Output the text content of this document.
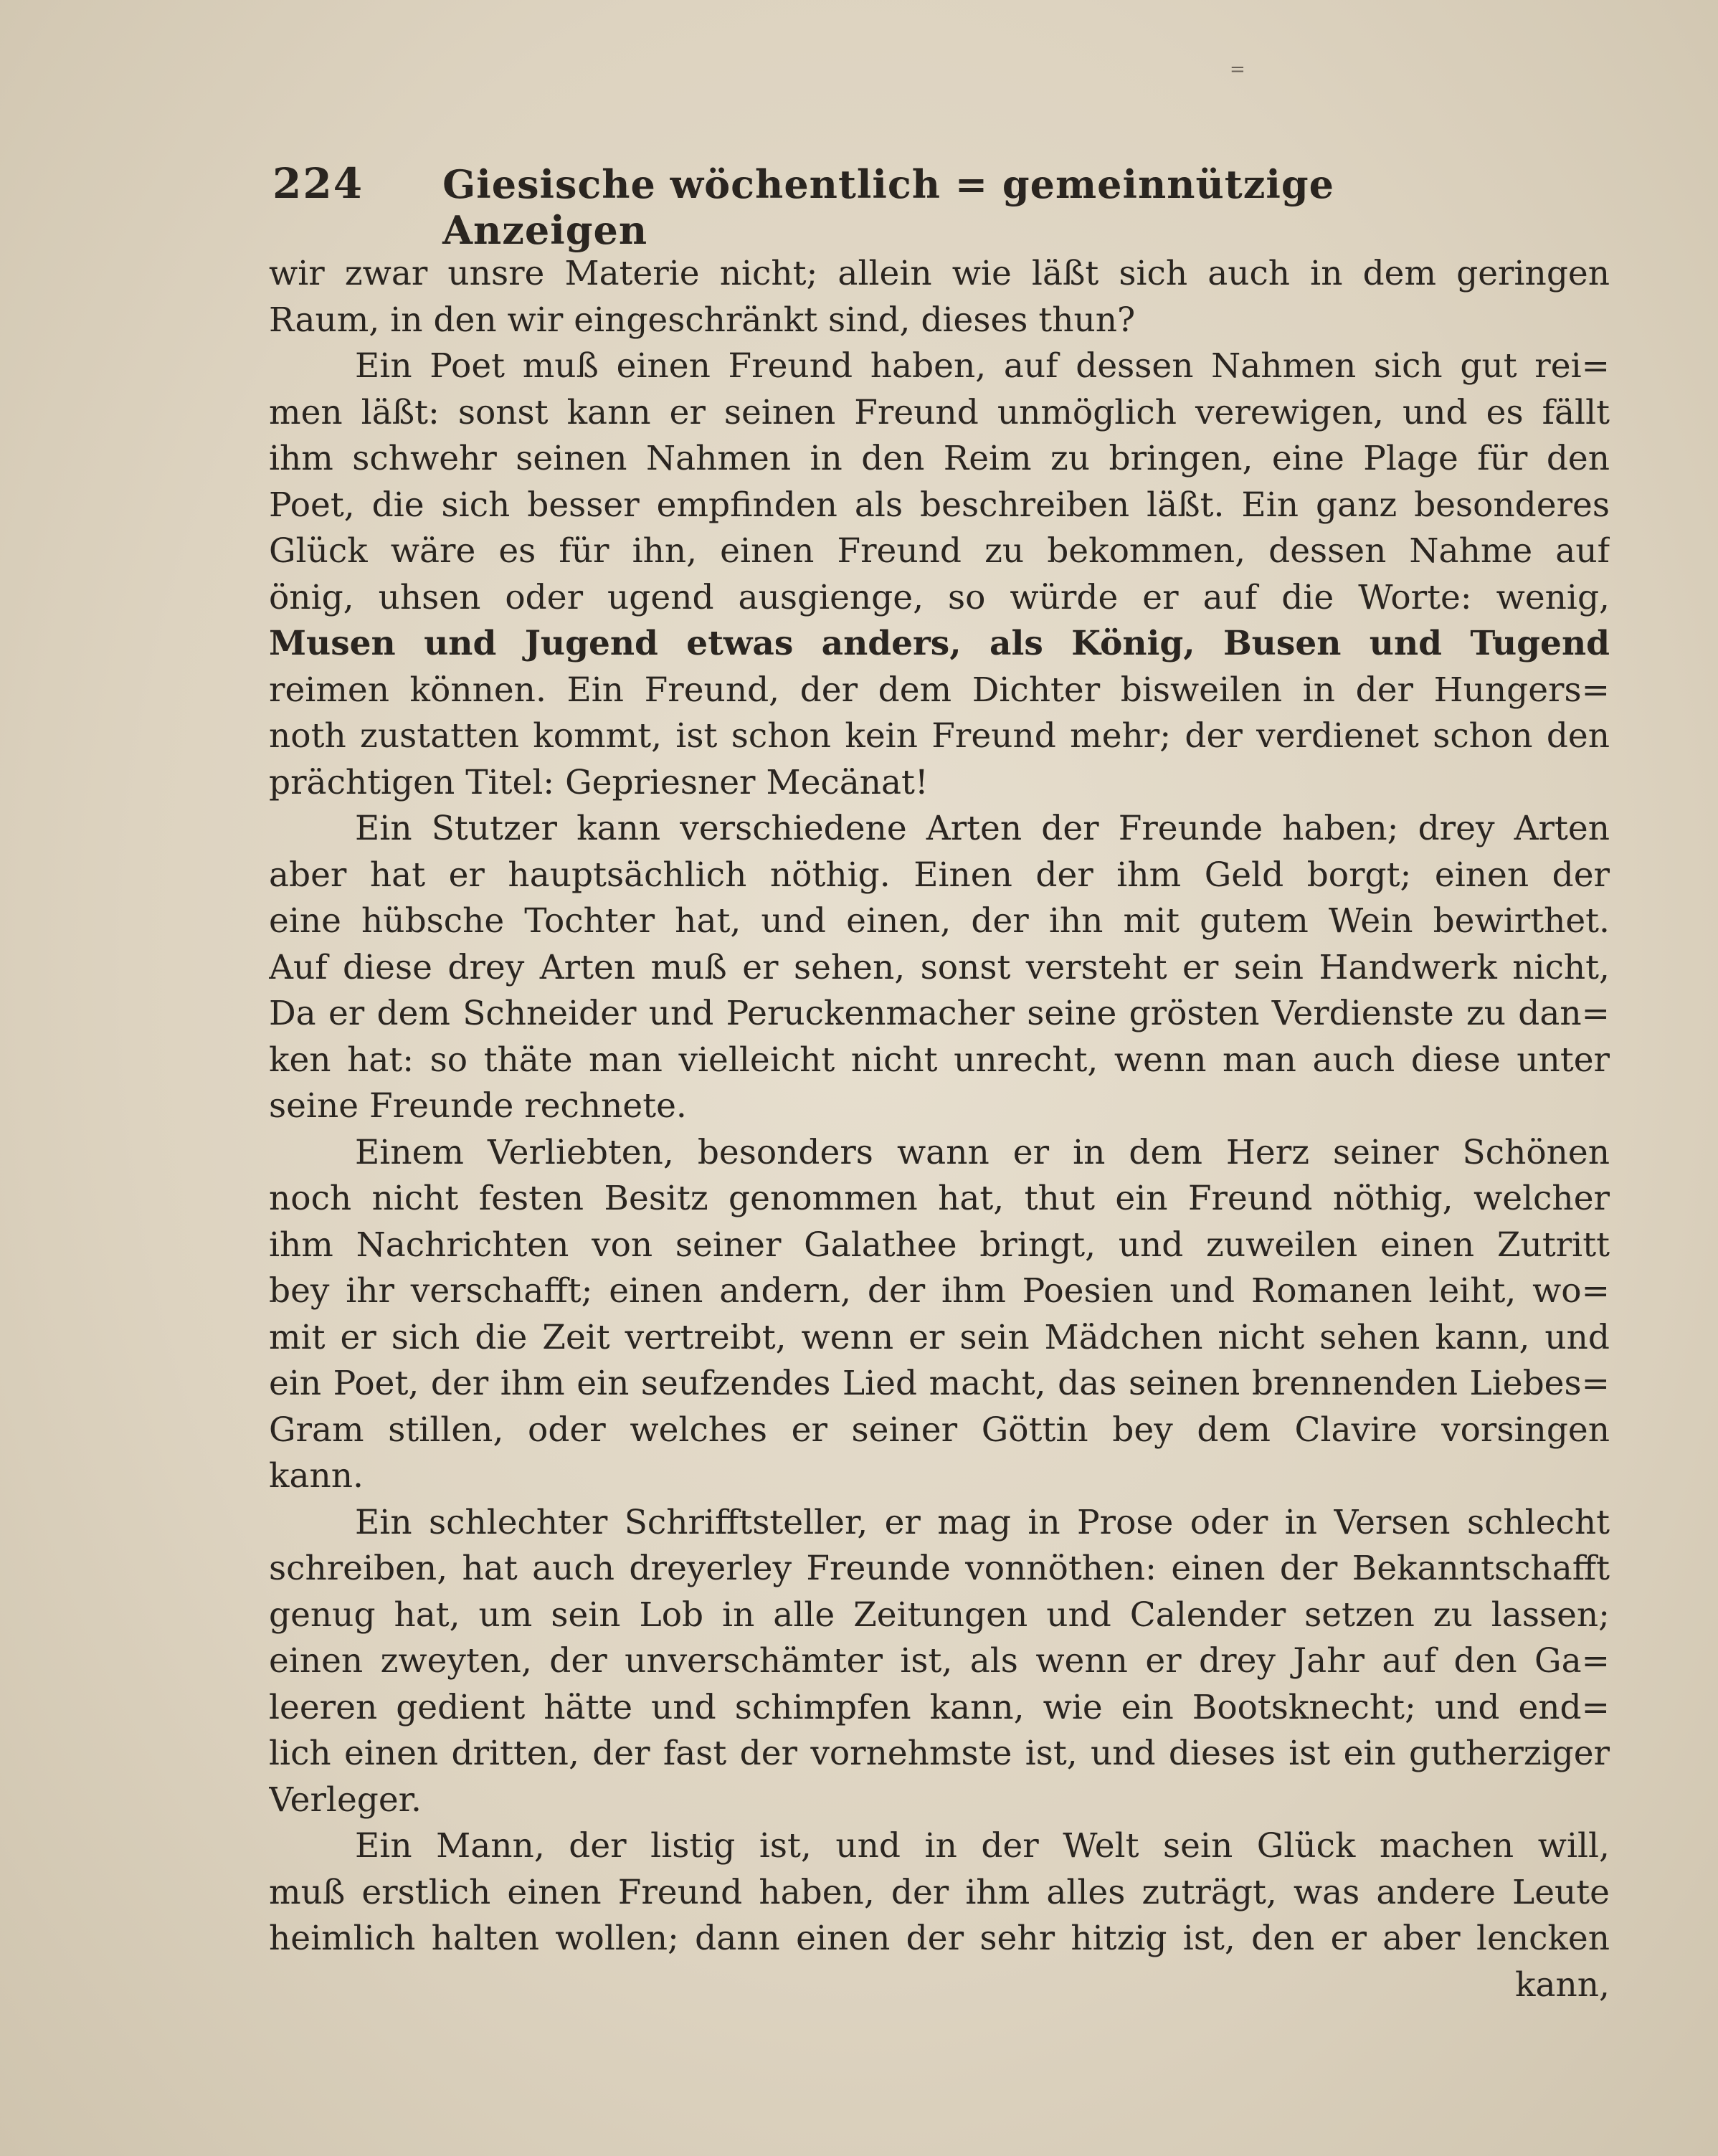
=
224 Giesische wöchentlich = gemeinnützige Anzeigen
wir zwar unsre Materie nicht; allein wie läßt sich auch in dem geringen
Raum, in den wir eingeschränkt sind, dieses thun?
Ein Poet muß einen Freund haben, auf dessen Nahmen sich gut rei=
men läßt: sonst kann er seinen Freund unmöglich verewigen, und es fällt
ihm schwehr seinen Nahmen in den Reim zu bringen, eine Plage für den
Poet, die sich besser empfinden als beschreiben läßt. Ein ganz besonderes
Glück wäre es für ihn, einen Freund zu bekommen, dessen Nahme auf
önig, uhsen oder ugend ausgienge, so würde er auf die Worte: wenig,
Musen und Jugend etwas anders, als König, Busen und Tugend
reimen können. Ein Freund, der dem Dichter bisweilen in der Hungers=
noth zustatten kommt, ist schon kein Freund mehr; der verdienet schon den
prächtigen Titel: Gepriesner Mecänat!
Ein Stutzer kann verschiedene Arten der Freunde haben; drey Arten
aber hat er hauptsächlich nöthig. Einen der ihm Geld borgt; einen der
eine hübsche Tochter hat, und einen, der ihn mit gutem Wein bewirthet.
Auf diese drey Arten muß er sehen, sonst versteht er sein Handwerk nicht,
Da er dem Schneider und Peruckenmacher seine grösten Verdienste zu dan=
ken hat: so thäte man vielleicht nicht unrecht, wenn man auch diese unter
seine Freunde rechnete.
Einem Verliebten, besonders wann er in dem Herz seiner Schönen
noch nicht festen Besitz genommen hat, thut ein Freund nöthig, welcher
ihm Nachrichten von seiner Galathee bringt, und zuweilen einen Zutritt
bey ihr verschafft; einen andern, der ihm Poesien und Romanen leiht, wo=
mit er sich die Zeit vertreibt, wenn er sein Mädchen nicht sehen kann, und
ein Poet, der ihm ein seufzendes Lied macht, das seinen brennenden Liebes=
Gram stillen, oder welches er seiner Göttin bey dem Clavire vorsingen
kann.
Ein schlechter Schrifftsteller, er mag in Prose oder in Versen schlecht
schreiben, hat auch dreyerley Freunde vonnöthen: einen der Bekanntschafft
genug hat, um sein Lob in alle Zeitungen und Calender setzen zu lassen;
einen zweyten, der unverschämter ist, als wenn er drey Jahr auf den Ga=
leeren gedient hätte und schimpfen kann, wie ein Bootsknecht; und end=
lich einen dritten, der fast der vornehmste ist, und dieses ist ein gutherziger
Verleger.
Ein Mann, der listig ist, und in der Welt sein Glück machen will,
muß erstlich einen Freund haben, der ihm alles zuträgt, was andere Leute
heimlich halten wollen; dann einen der sehr hitzig ist, den er aber lencken
kann,
